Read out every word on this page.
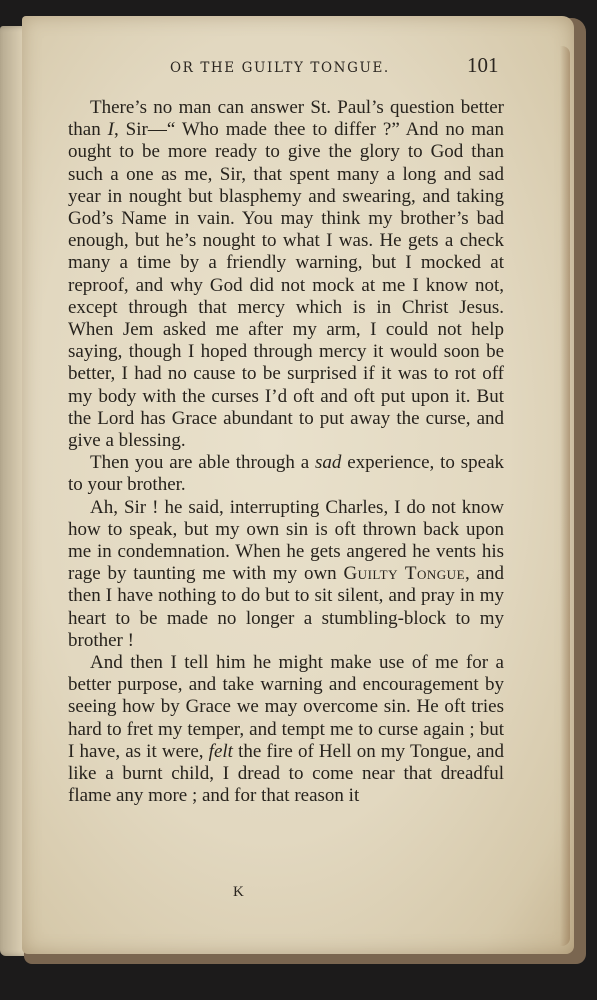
OR THE GUILTY TONGUE.	101

There’s no man can answer St. Paul’s question better than I, Sir—“ Who made thee to differ ?” And no man ought to be more ready to give the glory to God than such a one as me, Sir, that spent many a long and sad year in nought but blasphemy and swearing, and taking God’s Name in vain. You may think my brother’s bad enough, but he’s nought to what I was. He gets a check many a time by a friendly warning, but I mocked at reproof, and why God did not mock at me I know not, except through that mercy which is in Christ Jesus. When Jem asked me after my arm, I could not help saying, though I hoped through mercy it would soon be better, I had no cause to be surprised if it was to rot off my body with the curses I’d oft and oft put upon it. But the Lord has Grace abundant to put away the curse, and give a blessing.

Then you are able through a sad experience, to speak to your brother.

Ah, Sir ! he said, interrupting Charles, I do not know how to speak, but my own sin is oft thrown back upon me in condemnation. When he gets angered he vents his rage by taunting me with my own Guilty Tongue, and then I have nothing to do but to sit silent, and pray in my heart to be made no longer a stumbling-block to my brother !

And then I tell him he might make use of me for a better purpose, and take warning and encouragement by seeing how by Grace we may overcome sin. He oft tries hard to fret my temper, and tempt me to curse again ; but I have, as it were, felt the fire of Hell on my Tongue, and like a burnt child, I dread to come near that dreadful flame any more ; and for that reason it

K
